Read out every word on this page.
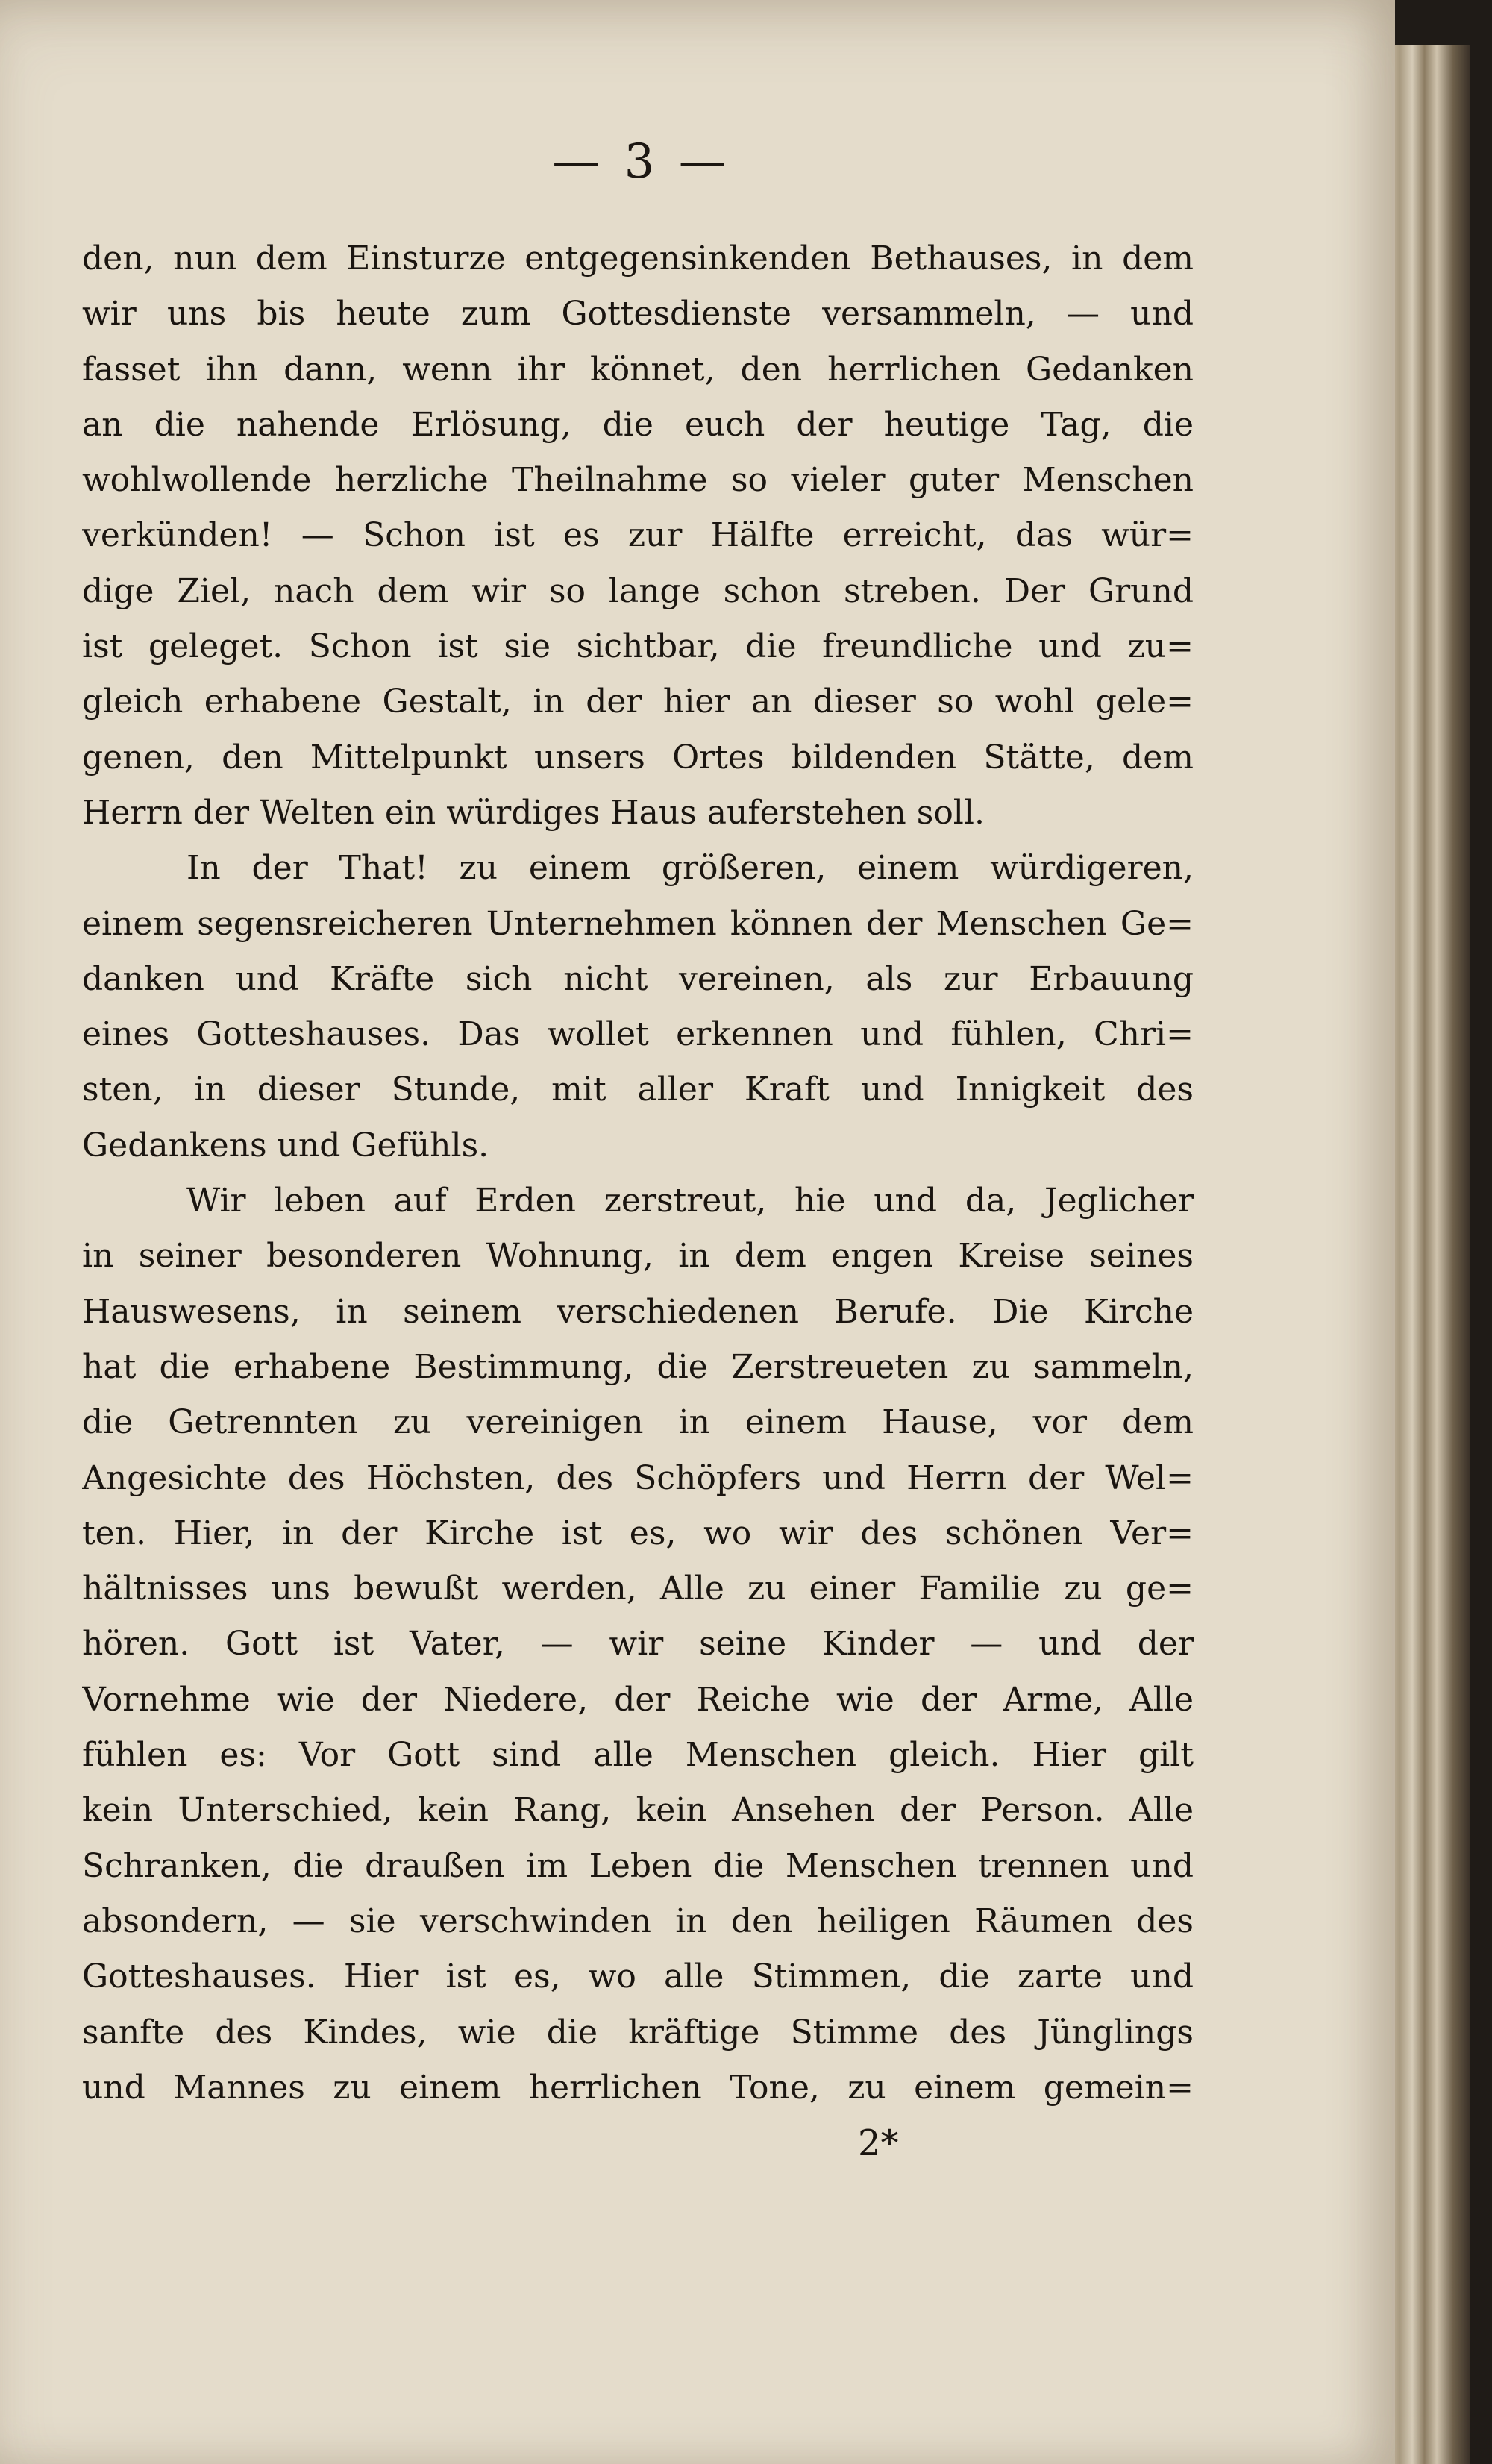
— 3 —
den, nun dem Einsturze entgegensinkenden Bethauses, in dem
wir uns bis heute zum Gottesdienste versammeln, — und
fasset ihn dann, wenn ihr könnet, den herrlichen Gedanken
an die nahende Erlösung, die euch der heutige Tag, die
wohlwollende herzliche Theilnahme so vieler guter Menschen
verkünden! — Schon ist es zur Hälfte erreicht, das wür=
dige Ziel, nach dem wir so lange schon streben. Der Grund
ist geleget. Schon ist sie sichtbar, die freundliche und zu=
gleich erhabene Gestalt, in der hier an dieser so wohl gele=
genen, den Mittelpunkt unsers Ortes bildenden Stätte, dem
Herrn der Welten ein würdiges Haus auferstehen soll.
In der That! zu einem größeren, einem würdigeren,
einem segensreicheren Unternehmen können der Menschen Ge=
danken und Kräfte sich nicht vereinen, als zur Erbauung
eines Gotteshauses. Das wollet erkennen und fühlen, Chri=
sten, in dieser Stunde, mit aller Kraft und Innigkeit des
Gedankens und Gefühls.
Wir leben auf Erden zerstreut, hie und da, Jeglicher
in seiner besonderen Wohnung, in dem engen Kreise seines
Hauswesens, in seinem verschiedenen Berufe. Die Kirche
hat die erhabene Bestimmung, die Zerstreueten zu sammeln,
die Getrennten zu vereinigen in einem Hause, vor dem
Angesichte des Höchsten, des Schöpfers und Herrn der Wel=
ten. Hier, in der Kirche ist es, wo wir des schönen Ver=
hältnisses uns bewußt werden, Alle zu einer Familie zu ge=
hören. Gott ist Vater, — wir seine Kinder — und der
Vornehme wie der Niedere, der Reiche wie der Arme, Alle
fühlen es: Vor Gott sind alle Menschen gleich. Hier gilt
kein Unterschied, kein Rang, kein Ansehen der Person. Alle
Schranken, die draußen im Leben die Menschen trennen und
absondern, — sie verschwinden in den heiligen Räumen des
Gotteshauses. Hier ist es, wo alle Stimmen, die zarte und
sanfte des Kindes, wie die kräftige Stimme des Jünglings
und Mannes zu einem herrlichen Tone, zu einem gemein=
2*
